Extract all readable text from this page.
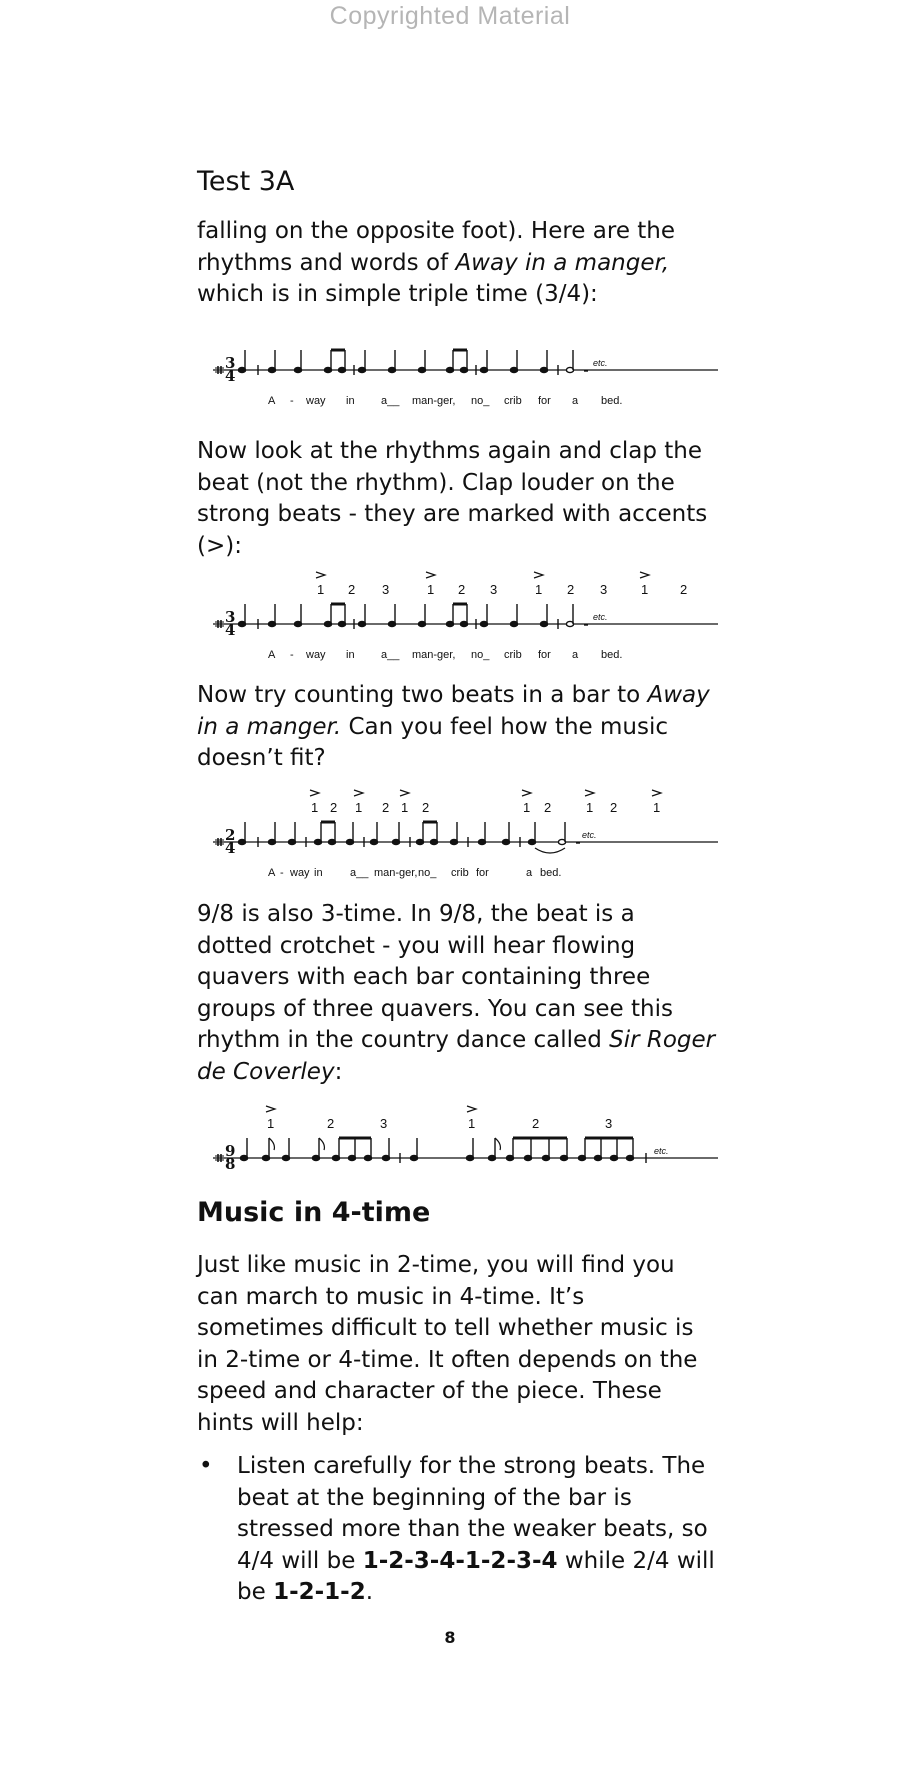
Copyrighted Material
Test 3A

falling on the opposite foot). Here are the rhythms and words of Away in a manger, which is in simple triple time (3/4):

3
4
etc.
A - way in a__ man-ger, no_ crib for a bed.

Now look at the rhythms again and clap the beat (not the rhythm). Clap louder on the strong beats - they are marked with accents (>):

1 2 3	1 2 3	1 2 3	1 2
3
4
etc.
A - way in a__ man-ger, no_ crib for a bed.

Now try counting two beats in a bar to Away in a manger. Can you feel how the music doesn’t fit?

1 2 1 2 1 2	1 2	1 2	1
2
4
etc.
A - way in a__ man-ger, no_ crib for	a bed.

9/8 is also 3-time. In 9/8, the beat is a dotted crotchet - you will hear flowing quavers with each bar containing three groups of three quavers. You can see this rhythm in the country dance called Sir Roger de Coverley:

1	2	3	1	2	3
9
8
etc.
Music in 4-time

Just like music in 2-time, you will find you can march to music in 4-time. It’s sometimes difficult to tell whether music is in 2-time or 4-time. It often depends on the speed and character of the piece. These hints will help:

•	Listen carefully for the strong beats. The beat at the beginning of the bar is stressed more than the weaker beats, so 4/4 will be 1-2-3-4-1-2-3-4 while 2/4 will be 1-2-1-2.

8
